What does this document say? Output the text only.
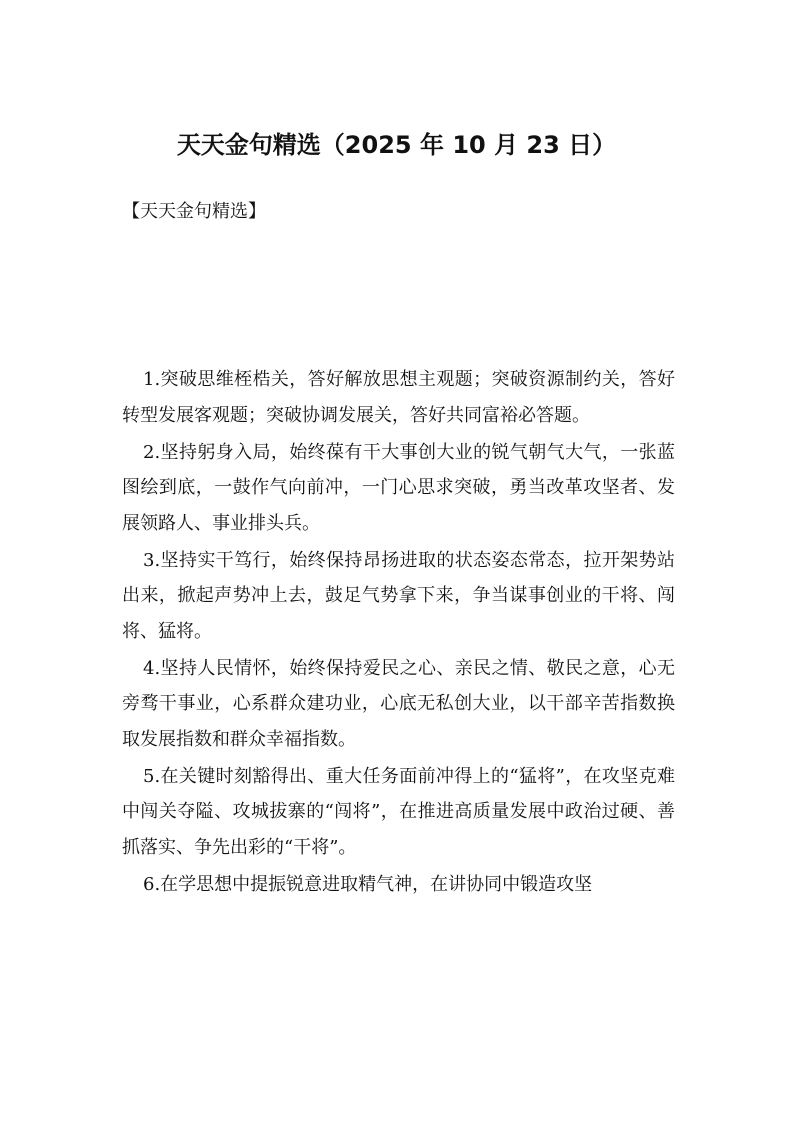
天天金句精选（2025 年 10 月 23 日）

【天天金句精选】

1.突破思维桎梏关，答好解放思想主观题；突破资源制约关，答好转型发展客观题；突破协调发展关，答好共同富裕必答题。

2.坚持躬身入局，始终葆有干大事创大业的锐气朝气大气，一张蓝图绘到底，一鼓作气向前冲，一门心思求突破，勇当改革攻坚者、发展领路人、事业排头兵。

3.坚持实干笃行，始终保持昂扬进取的状态姿态常态，拉开架势站出来，掀起声势冲上去，鼓足气势拿下来，争当谋事创业的干将、闯将、猛将。

4.坚持人民情怀，始终保持爱民之心、亲民之情、敬民之意，心无旁骛干事业，心系群众建功业，心底无私创大业，以干部辛苦指数换取发展指数和群众幸福指数。

5.在关键时刻豁得出、重大任务面前冲得上的“猛将”，在攻坚克难中闯关夺隘、攻城拔寨的“闯将”，在推进高质量发展中政治过硬、善抓落实、争先出彩的“干将”。

6.在学思想中提振锐意进取精气神，在讲协同中锻造攻坚
